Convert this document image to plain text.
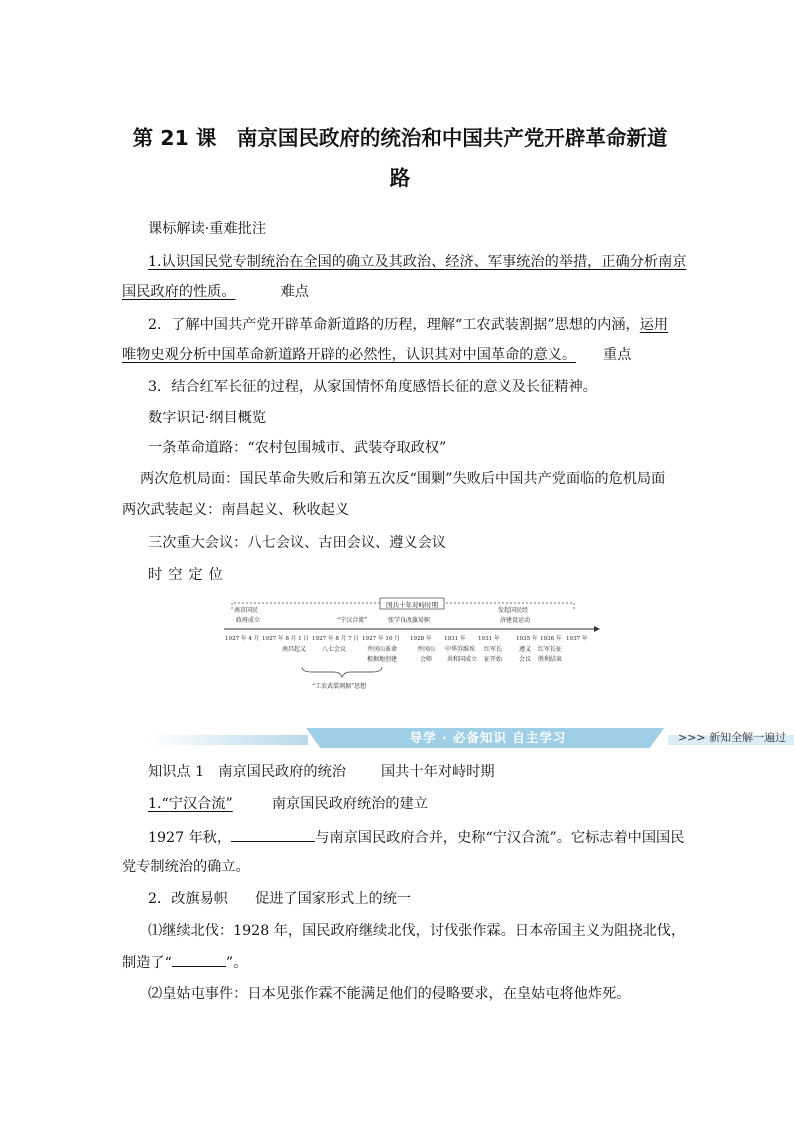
第 21 课　南京国民政府的统治和中国共产党开辟革命新道
路
课标解读·重难批注
1.认识国民党专制统治在全国的确立及其政治、经济、军事统治的举措，正确分析南京
国民政府的性质。	难点
2．了解中国共产党开辟革命新道路的历程，理解“工农武装割据”思想的内涵，运用
唯物史观分析中国革命新道路开辟的必然性，认识其对中国革命的意义。 重点
3．结合红军长征的过程，从家国情怀角度感悟长征的意义及长征精神。
数字识记·纲目概览
一条革命道路：“农村包围城市、武装夺取政权”
两次危机局面：国民革命失败后和第五次反“围剿”失败后中国共产党面临的危机局面
两次武装起义：南昌起义、秋收起义
三次重大会议：八七会议、古田会议、遵义会议
时空定位
国共十年对峙时期
南京国民
政府成立	“宁汉合流”	张学良改旗易帜
发起国民经
济建设运动
1927 年 4 月 1927 年 8 月 1 日 1927 年 8 月 7 日 1927 年 10 月 1928 年 1931 年 1931 年	1935 年 1936 年 1937 年
南昌起义	八七会议	井冈山革命
根据地创建
井冈山
会师
中华苏维埃
共和国成立
红军长
征开始
遵义
会议
红军长征
胜利结束
“工农武装割据”思想
导学 · 必备知识 自主学习	>>> 新知全解一遍过
知识点 1　南京国民政府的统治 国共十年对峙时期
1.“宁汉合流”	南京国民政府统治的建立
1927 年秋，	与南京国民政府合并，史称“宁汉合流”。它标志着中国国民
党专制统治的确立。
2．改旗易帜 促进了国家形式上的统一
⑴继续北伐：1928 年，国民政府继续北伐，讨伐张作霖。日本帝国主义为阻挠北伐，
制造了“	”。
⑵皇姑屯事件：日本见张作霖不能满足他们的侵略要求，在皇姑屯将他炸死。
